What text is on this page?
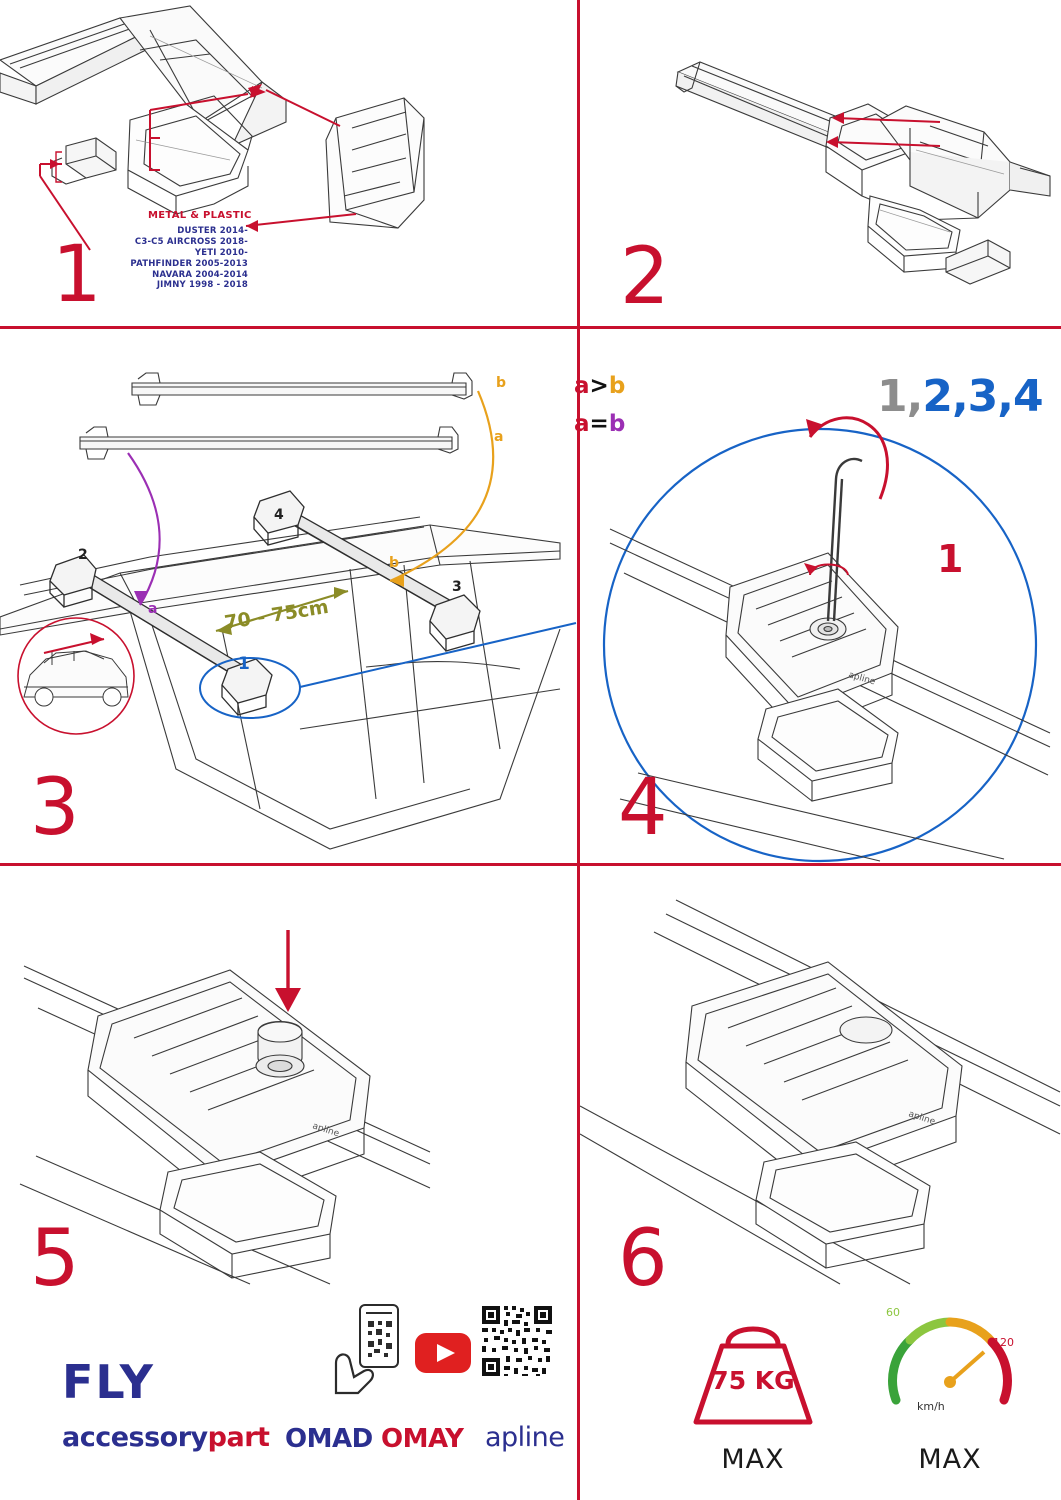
METAL & PLASTIC
DUSTER 2014-
C3-C5 AIRCROSS 2018-
YETI 2010-
PATHFINDER 2005-2013
NAVARA 2004-2014
JIMNY 1998 - 2018
1	2
a>b
a=b
b
a
a
b
2
4
3
1
70 - 75cm
3
apline
1,2,3,4
1
4
apline
5
FLY
accessorypart OMAD OMAY apline
apline
6
75 KG
MAX
60
120
km/h
MAX
